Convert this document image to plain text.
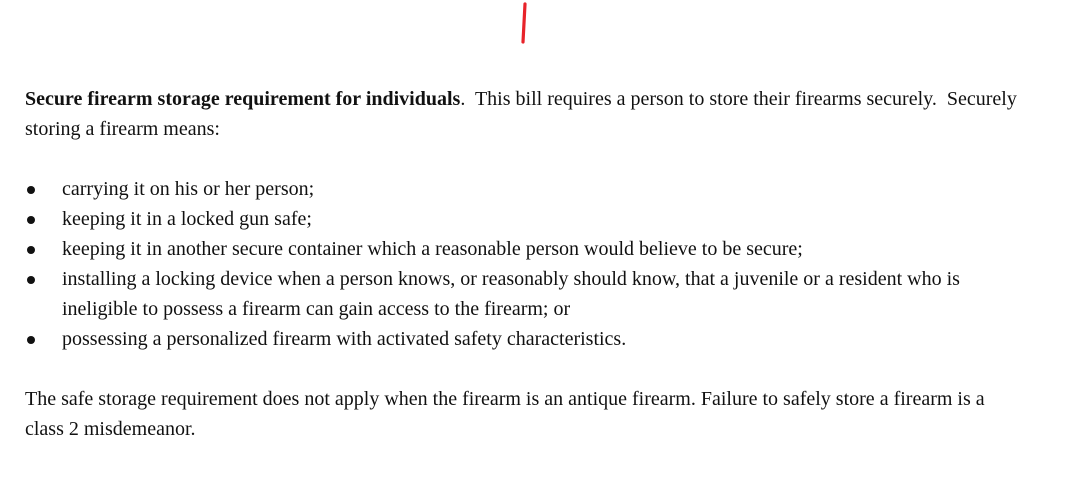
Secure firearm storage requirement for individuals.  This bill requires a person to store their firearms securely.  Securely storing a firearm means:

carrying it on his or her person;
keeping it in a locked gun safe;
keeping it in another secure container which a reasonable person would believe to be secure;
installing a locking device when a person knows, or reasonably should know, that a juvenile or a resident who is ineligible to possess a firearm can gain access to the firearm; or
possessing a personalized firearm with activated safety characteristics.

The safe storage requirement does not apply when the firearm is an antique firearm. Failure to safely store a firearm is a class 2 misdemeanor.
